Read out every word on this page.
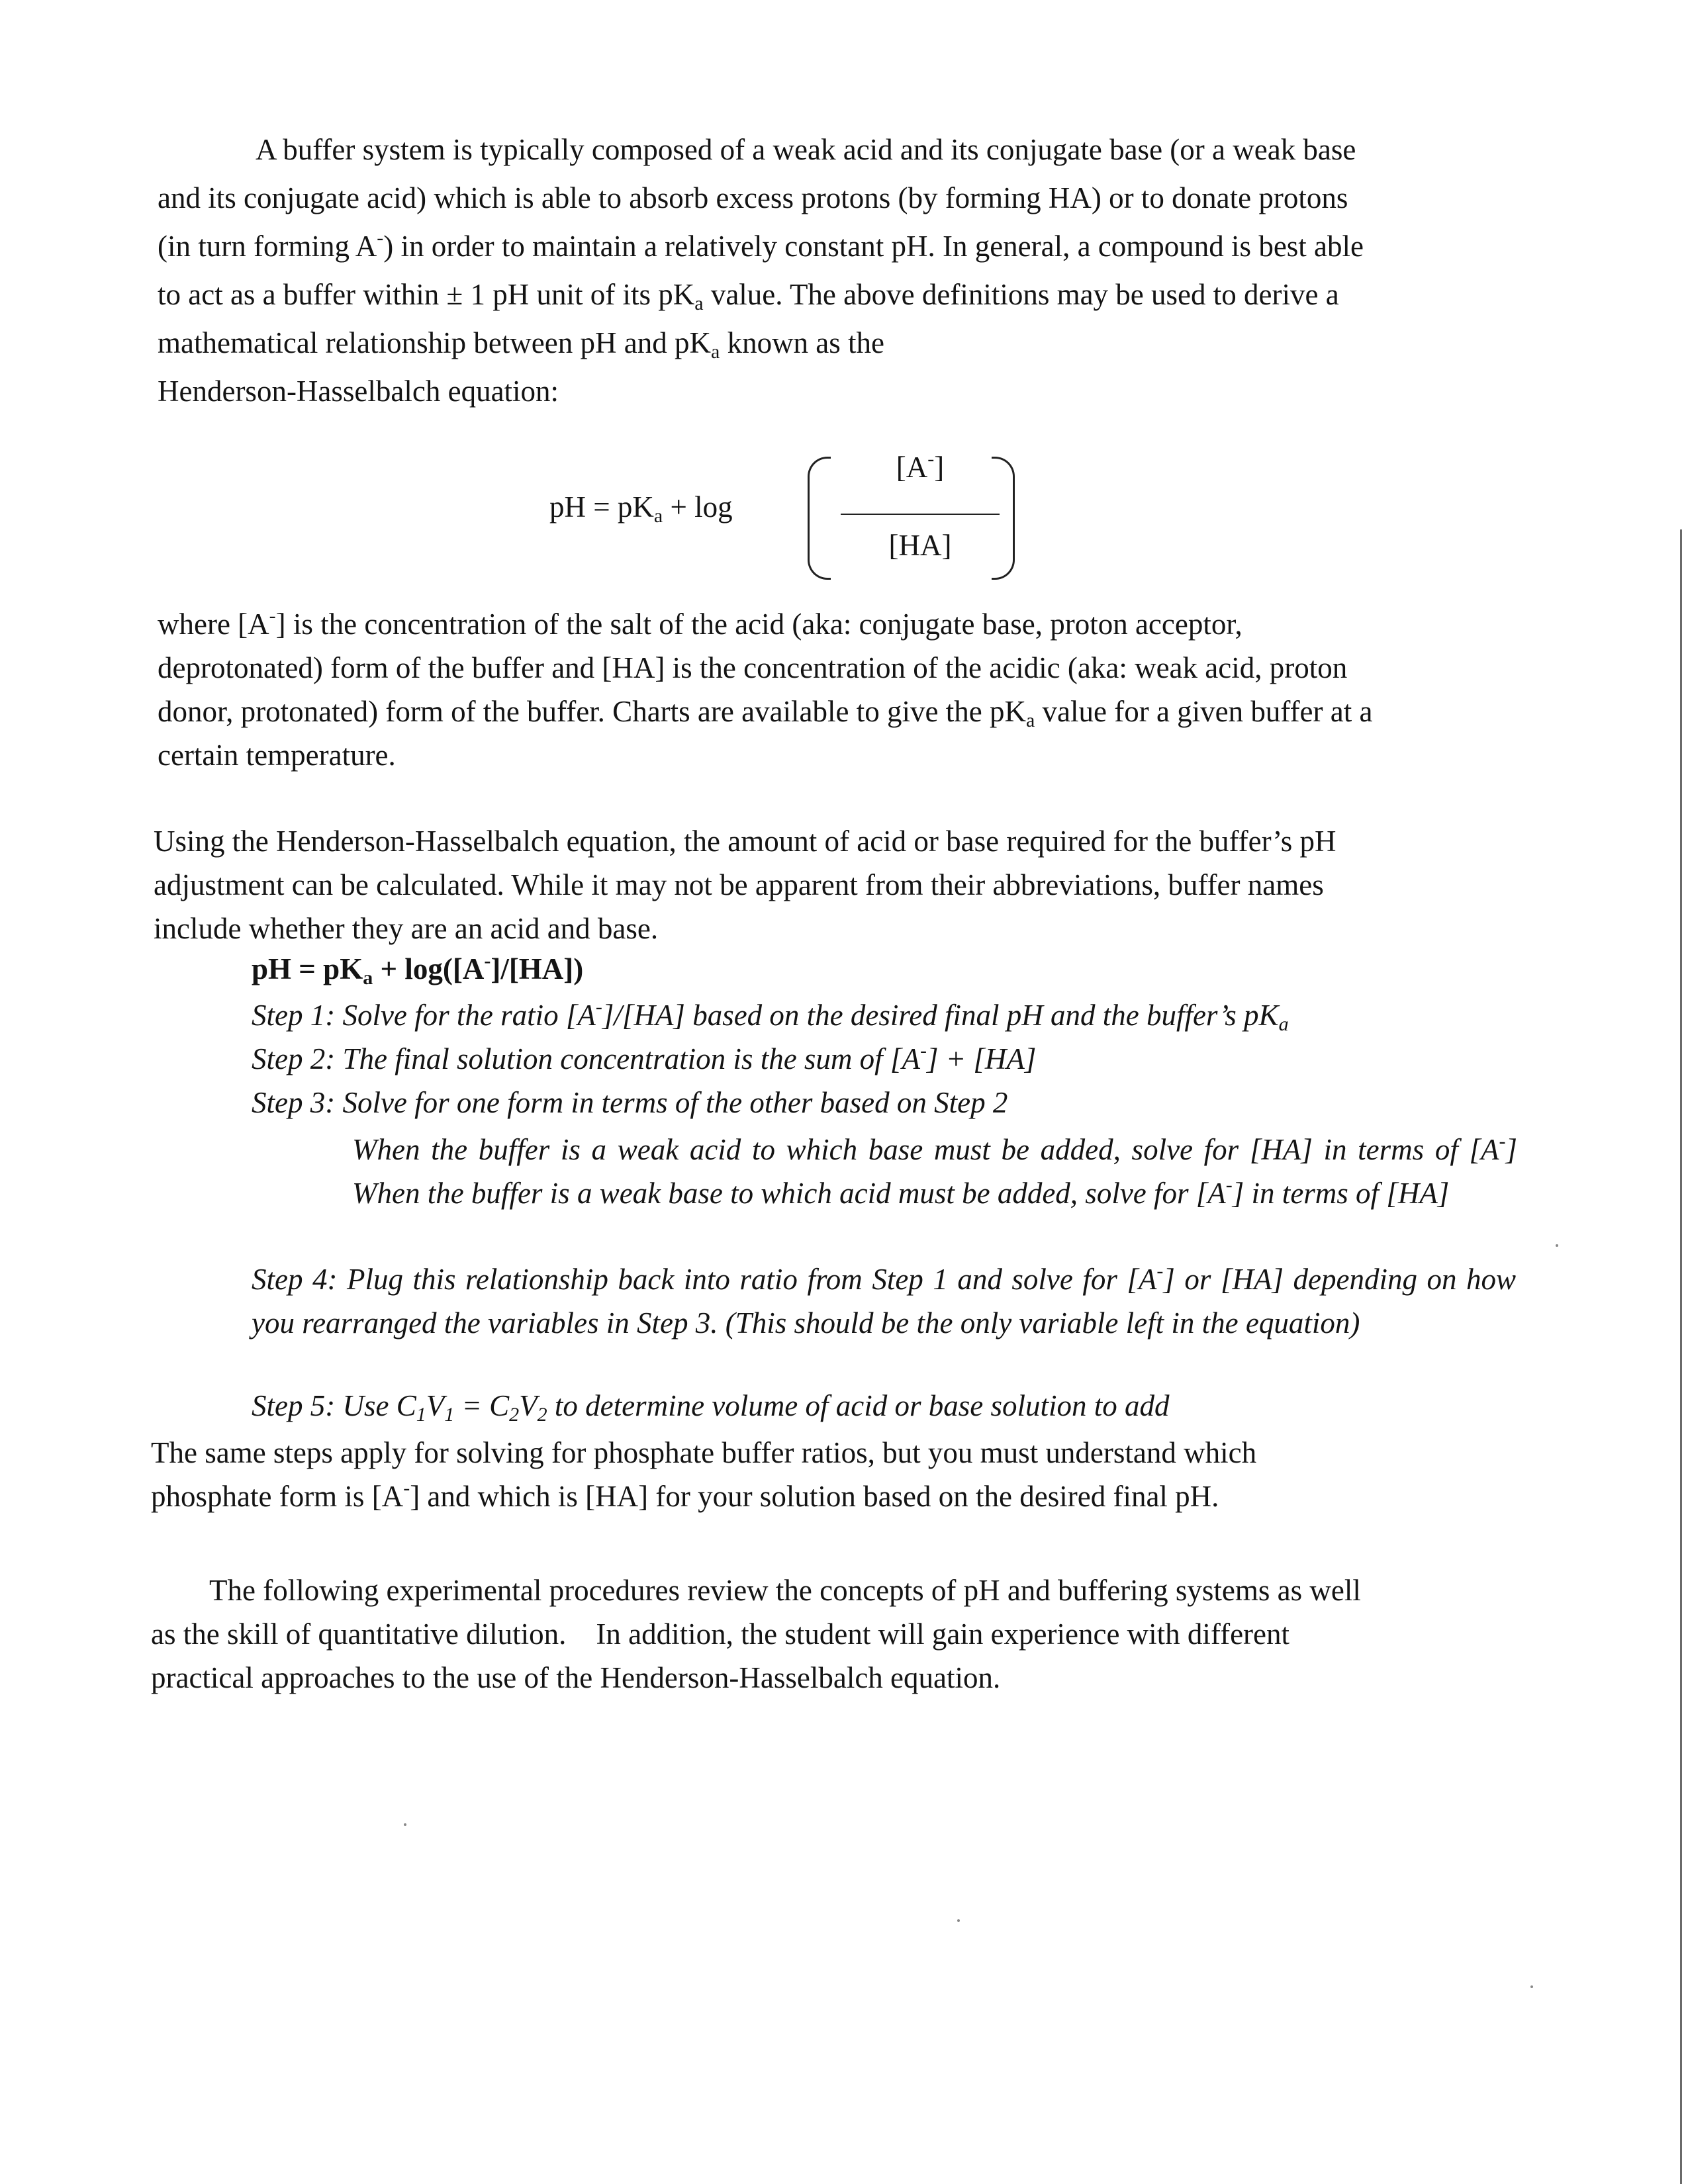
A buffer system is typically composed of a weak acid and its conjugate base (or a weak base
and its conjugate acid) which is able to absorb excess protons (by forming HA) or to donate protons
(in turn forming A-) in order to maintain a relatively constant pH. In general, a compound is best able
to act as a buffer within ± 1 pH unit of its $pK_a$ value. The above definitions may be used to derive a
mathematical relationship between pH and $pK_a$ known as the
Henderson-Hasselbalch equation:
pH = $pK_a + \log$
[A-]
[HA]
where [A-] is the concentration of the salt of the acid (aka: conjugate base, proton acceptor,
deprotonated) form of the buffer and [HA] is the concentration of the acidic (aka: weak acid, proton
donor, protonated) form of the buffer. Charts are available to give the $pK_a$ value for a given buffer at a
certain temperature.
Using the Henderson-Hasselbalch equation, the amount of acid or base required for the buffer’s pH
adjustment can be calculated. While it may not be apparent from their abbreviations, buffer names
include whether they are an acid and base.
pH = $pK_a + \log([A^-]/[HA])$
Step 1: Solve for the ratio [A-]/[HA] based on the desired final pH and the buffer’s $pK_a$
Step 2: The final solution concentration is the sum of [A-] + [HA]
Step 3: Solve for one form in terms of the other based on Step 2
When the buffer is a weak acid to which base must be added, solve for [HA] in terms of [A-] When the buffer is a weak base to which acid must be added, solve for [A-] in terms of [HA]
Step 4: Plug this relationship back into ratio from Step 1 and solve for [A-] or [HA] depending on how you rearranged the variables in Step 3. (This should be the only variable left in the equation)
Step 5: Use $C_1V_1 = C_2V_2$ to determine volume of acid or base solution to add
The same steps apply for solving for phosphate buffer ratios, but you must understand which
phosphate form is [A-] and which is [HA] for your solution based on the desired final pH.
The following experimental procedures review the concepts of pH and buffering systems as well
as the skill of quantitative dilution.    In addition, the student will gain experience with different
practical approaches to the use of the Henderson-Hasselbalch equation.
